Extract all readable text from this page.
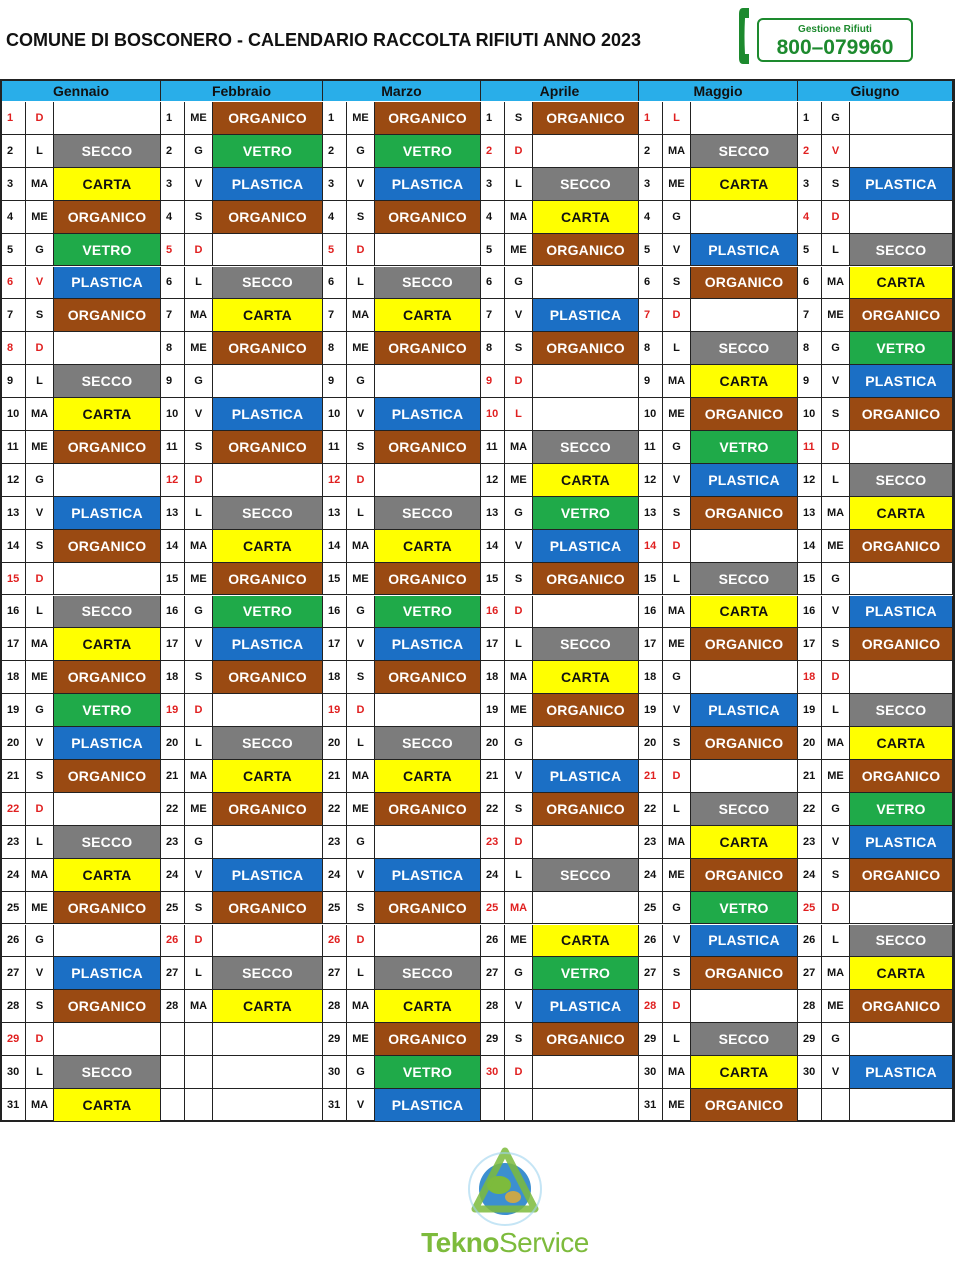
COMUNE DI BOSCONERO - CALENDARIO RACCOLTA RIFIUTI ANNO 2023
Gestione Rifiuti
800–079960
Gennaio
1	D
2	L	SECCO
3	MA	CARTA
4	ME	ORGANICO
5	G	VETRO
6	V	PLASTICA
7	S	ORGANICO
8	D
9	L	SECCO
10	MA	CARTA
11	ME	ORGANICO
12	G
13	V	PLASTICA
14	S	ORGANICO
15	D
16	L	SECCO
17	MA	CARTA
18	ME	ORGANICO
19	G	VETRO
20	V	PLASTICA
21	S	ORGANICO
22	D
23	L	SECCO
24	MA	CARTA
25	ME	ORGANICO
26	G
27	V	PLASTICA
28	S	ORGANICO
29	D
30	L	SECCO
31	MA	CARTA
Febbraio
1	ME	ORGANICO
2	G	VETRO
3	V	PLASTICA
4	S	ORGANICO
5	D
6	L	SECCO
7	MA	CARTA
8	ME	ORGANICO
9	G
10	V	PLASTICA
11	S	ORGANICO
12	D
13	L	SECCO
14	MA	CARTA
15	ME	ORGANICO
16	G	VETRO
17	V	PLASTICA
18	S	ORGANICO
19	D
20	L	SECCO
21	MA	CARTA
22	ME	ORGANICO
23	G
24	V	PLASTICA
25	S	ORGANICO
26	D
27	L	SECCO
28	MA	CARTA
Marzo
1	ME	ORGANICO
2	G	VETRO
3	V	PLASTICA
4	S	ORGANICO
5	D
6	L	SECCO
7	MA	CARTA
8	ME	ORGANICO
9	G
10	V	PLASTICA
11	S	ORGANICO
12	D
13	L	SECCO
14	MA	CARTA
15	ME	ORGANICO
16	G	VETRO
17	V	PLASTICA
18	S	ORGANICO
19	D
20	L	SECCO
21	MA	CARTA
22	ME	ORGANICO
23	G
24	V	PLASTICA
25	S	ORGANICO
26	D
27	L	SECCO
28	MA	CARTA
29	ME	ORGANICO
30	G	VETRO
31	V	PLASTICA
Aprile
1	S	ORGANICO
2	D
3	L	SECCO
4	MA	CARTA
5	ME	ORGANICO
6	G
7	V	PLASTICA
8	S	ORGANICO
9	D
10	L
11	MA	SECCO
12	ME	CARTA
13	G	VETRO
14	V	PLASTICA
15	S	ORGANICO
16	D
17	L	SECCO
18	MA	CARTA
19	ME	ORGANICO
20	G
21	V	PLASTICA
22	S	ORGANICO
23	D
24	L	SECCO
25	MA
26	ME	CARTA
27	G	VETRO
28	V	PLASTICA
29	S	ORGANICO
30	D
Maggio
1	L
2	MA	SECCO
3	ME	CARTA
4	G
5	V	PLASTICA
6	S	ORGANICO
7	D
8	L	SECCO
9	MA	CARTA
10	ME	ORGANICO
11	G	VETRO
12	V	PLASTICA
13	S	ORGANICO
14	D
15	L	SECCO
16	MA	CARTA
17	ME	ORGANICO
18	G
19	V	PLASTICA
20	S	ORGANICO
21	D
22	L	SECCO
23	MA	CARTA
24	ME	ORGANICO
25	G	VETRO
26	V	PLASTICA
27	S	ORGANICO
28	D
29	L	SECCO
30	MA	CARTA
31	ME	ORGANICO
Giugno
1	G
2	V
3	S	PLASTICA
4	D
5	L	SECCO
6	MA	CARTA
7	ME	ORGANICO
8	G	VETRO
9	V	PLASTICA
10	S	ORGANICO
11	D
12	L	SECCO
13	MA	CARTA
14	ME	ORGANICO
15	G
16	V	PLASTICA
17	S	ORGANICO
18	D
19	L	SECCO
20	MA	CARTA
21	ME	ORGANICO
22	G	VETRO
23	V	PLASTICA
24	S	ORGANICO
25	D
26	L	SECCO
27	MA	CARTA
28	ME	ORGANICO
29	G
30	V	PLASTICA
TeknoService
